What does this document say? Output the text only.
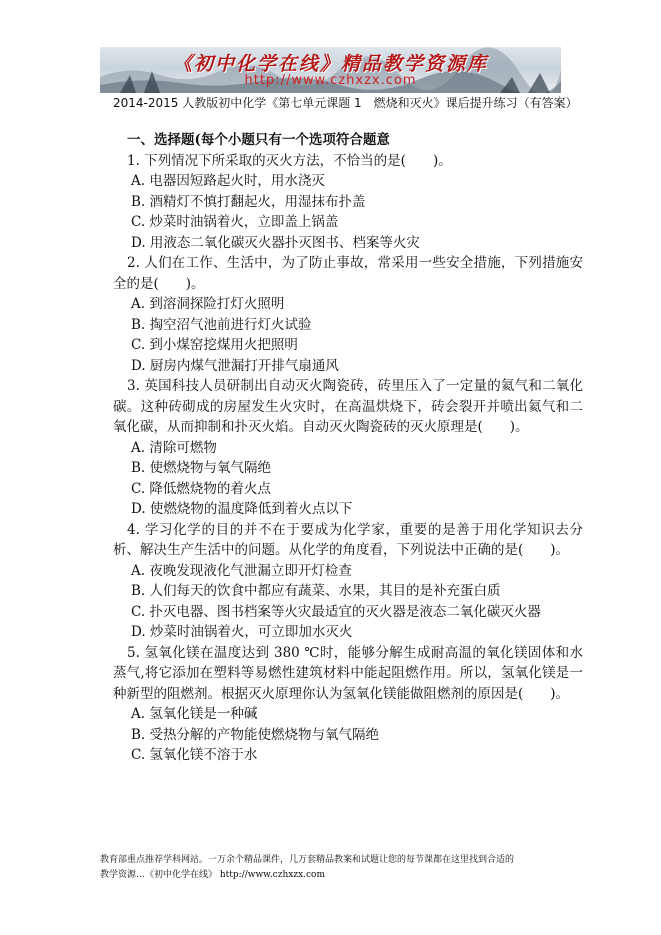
《初中化学在线》精品教学资源库
http://www.czhxzx.com
2014-2015 人教版初中化学《第七单元课题 1　燃烧和灭火》课后提升练习（有答案）
一、选择题(每个小题只有一个选项符合题意
1. 下列情况下所采取的灭火方法，不恰当的是(　　)。
A. 电器因短路起火时，用水浇灭
B. 酒精灯不慎打翻起火，用湿抹布扑盖
C. 炒菜时油锅着火，立即盖上锅盖
D. 用液态二氧化碳灭火器扑灭图书、档案等火灾
2. 人们在工作、生活中，为了防止事故，常采用一些安全措施，下列措施安全的是(　　)。
A. 到溶洞探险打灯火照明
B. 掏空沼气池前进行灯火试验
C. 到小煤窑挖煤用火把照明
D. 厨房内煤气泄漏打开排气扇通风
3. 英国科技人员研制出自动灭火陶瓷砖，砖里压入了一定量的氦气和二氧化碳。这种砖砌成的房屋发生火灾时，在高温烘烧下，砖会裂开并喷出氦气和二氧化碳，从而抑制和扑灭火焰。自动灭火陶瓷砖的灭火原理是(　　)。
A. 清除可燃物
B. 使燃烧物与氧气隔绝
C. 降低燃烧物的着火点
D. 使燃烧物的温度降低到着火点以下
4. 学习化学的目的并不在于要成为化学家，重要的是善于用化学知识去分析、解决生产生活中的问题。从化学的角度看，下列说法中正确的是(　　)。
A. 夜晚发现液化气泄漏立即开灯检查
B. 人们每天的饮食中都应有蔬菜、水果，其目的是补充蛋白质
C. 扑灭电器、图书档案等火灾最适宜的灭火器是液态二氧化碳灭火器
D. 炒菜时油锅着火，可立即加水灭火
5. 氢氧化镁在温度达到 380 ℃时，能够分解生成耐高温的氧化镁固体和水蒸气,将它添加在塑料等易燃性建筑材料中能起阻燃作用。所以，氢氧化镁是一种新型的阻燃剂。根据灭火原理你认为氢氧化镁能做阻燃剂的原因是(　　)。
A. 氢氧化镁是一种碱
B. 受热分解的产物能使燃烧物与氧气隔绝
C. 氢氧化镁不溶于水
教育部重点推荐学科网站。一万余个精品课件，几万套精品教案和试题让您的每节课都在这里找到合适的
教学资源…《初中化学在线》 http://www.czhxzx.com
